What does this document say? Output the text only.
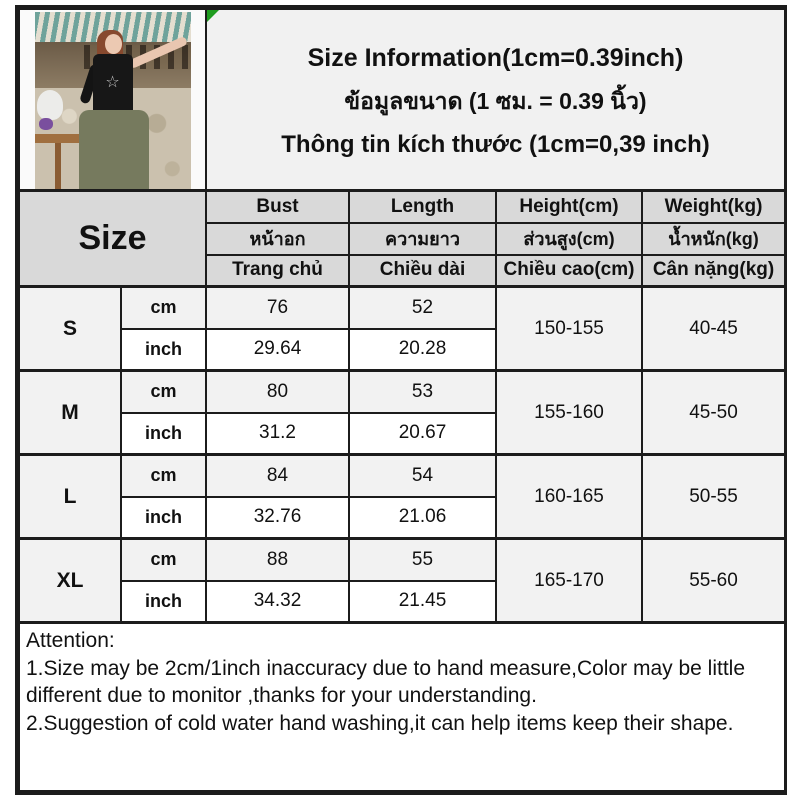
☆		Size Information(1cm=0.39inch)
ข้อมูลขนาด (1 ซม. = 0.39 นิ้ว)
Thông tin kích thước (1cm=0,39 inch)			

Size		Bust	Length	Height(cm)	Weight(kg)
		หน้าอก	ความยาว	ส่วนสูง(cm)	น้ำหนัก(kg)
		Trang chủ	Chiều dài	Chiều cao(cm)	Cân nặng(kg)
S	cm	76	52	150-155	40-45
	inch	29.64	20.28		
M	cm	80	53	155-160	45-50
	inch	31.2	20.67		
L	cm	84	54	160-165	50-55
	inch	32.76	21.06		
XL	cm	88	55	165-170	55-60
	inch	34.32	21.45		

Attention:

1.Size may be 2cm/1inch inaccuracy due to hand measure,Color may be little different due to monitor ,thanks for your understanding.

2.Suggestion of cold water hand washing,it can help items keep their shape.					
